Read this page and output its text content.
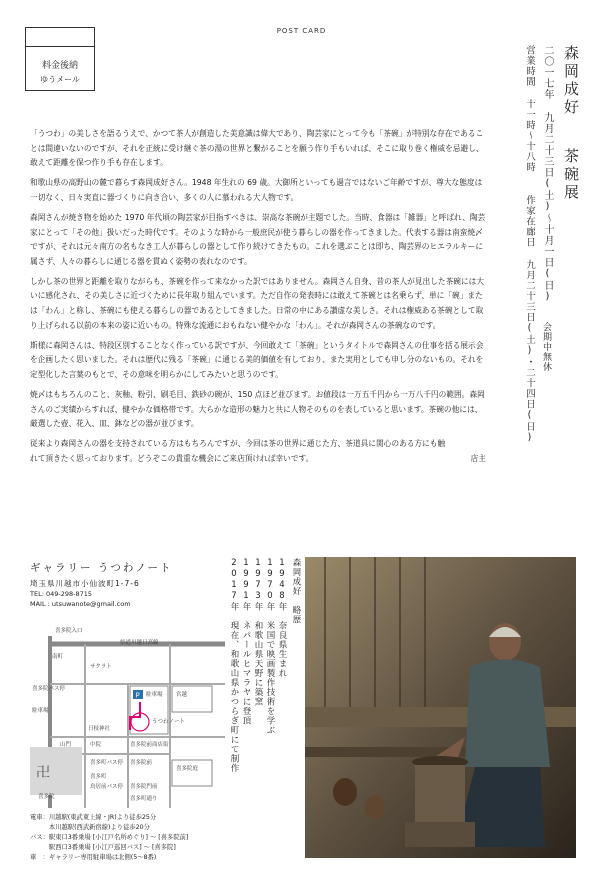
POST CARD
料金後納
ゆうメール	森岡成好
茶碗展
二〇一七年 九月二十三日(土)〜十月一日(日)
会期中無休
営業時間 十一時〜十八時
作家在廊日 九月二十三日(土)・二十四日(日)

「うつわ」の美しさを語るうえで、かつて茶人が創造した美意識は偉大であり、陶芸家にとって今も「茶碗」が特別な存在であることは間違いないのですが、それを正統に受け継ぐ茶の湯の世界と繋がることを願う作り手もいれば、そこに取り巻く権威を忌避し、敢えて距離を保つ作り手も存在します。

和歌山県の高野山の麓で暮らす森岡成好さん。1948 年生れの 69 歳。大御所といっても過言ではないご年齢ですが、尊大な態度は一切なく、日々実直に器づくりに向き合い、多くの人に慕われる大人物です。

森岡さんが焼き物を始めた 1970 年代頃の陶芸家が目指すべきは、崇高な茶碗が主題でした。当時、食器は「雑器」と呼ばれ、陶芸家にとって「その他」扱いだった時代です。そのような時から一般庶民が使う暮らしの器を作ってきました。代表する器は南蛮焼〆ですが、それは元々南方の名もなき工人が暮らしの器として作り続けてきたもの。これを選ぶことは即ち、陶芸界のヒエラルキーに属さず、人々の暮らしに通じる器を貫ぬく姿勢の表れなのです。

しかし茶の世界と距離を取りながらも、茶碗を作って来なかった訳ではありません。森岡さん自身、昔の茶人が見出した茶碗には大いに感化され、その美しさに近づくために長年取り組んでいます。ただ自作の発表時には敢えて茶碗とは名乗らず、単に「碗」または「わん」と称し、茶碗にも使える暮らしの器であるとしてきました。日常の中にある讃虚な美しさ。それは権威ある茶碗として取り上げられる以前の本来の姿に近いもの。特殊な流通におもねない健やかな「わん」。それが森岡さんの茶碗なのです。

斯様に森岡さんは、特段区別することなく作っている訳ですが、今回敢えて「茶碗」というタイトルで森岡さんの仕事を括る展示会を企画したく思いました。それは歴代に残る「茶碗」に通じる美的価値を有しており、また実用としても申し分のないもの。それを定型化した言葉のもとで、その意味を明らかにしてみたいと思うのです。

焼〆はもちろんのこと、灰釉、粉引、刷毛目、鉄砂の碗が、150 点ほど並びます。お値段は一万五千円から一万八千円の範囲。森岡さんのご実績からすれば、健やかな価格帯です。大らかな造形の魅力と共に人物そのものを表していると思います。茶碗の他には、厳選した壺、花入、皿、鉢などの器が並びます。

従来より森岡さんの器を支持されている方はもちろんですが、今回は茶の世界に通じた方、茶道具に関心のある方にも触れて頂きたく思っております。どうぞこの貴重な機会にご来店頂ければ幸いです。	店主

ギャラリー うつわノート
埼玉県川越市小仙波町1-7-6
TEL: 049-298-8715
MAIL : utsuwanote@gmail.com	森岡成好　略歴
1948年　奈良県生まれ
1970年　米国で映画製作技術を学ぶ
1973年　和歌山県天野に築窯
1991年　ネパールヒマラヤに登頂
2017年　現在、和歌山県かつらぎ町にて制作
P
卍
喜多院入口
県道川越日高線
南町
サクラト
喜多院バス停
駐車場 宮越
駐車場
うつわノート
日枝神社
山門	中院	喜多院前商店街
喜多町バス停 喜多院前
喜多院庭
喜多院
喜多町
鳥居前バス停 喜多院門前
喜多町通り
電車：川越駅(東武東上線・JR)より徒歩25分
　　　本川越駅(西武新宿線)より徒歩20分
バス：駅東口3番乗場 [小江戸名所めぐり] 〜 [喜多院前]
　　　駅西口3番乗場 [小江戸巡回バス] 〜 [喜多院]
車　：ギャラリー専用駐車場は北側(5〜8番)
